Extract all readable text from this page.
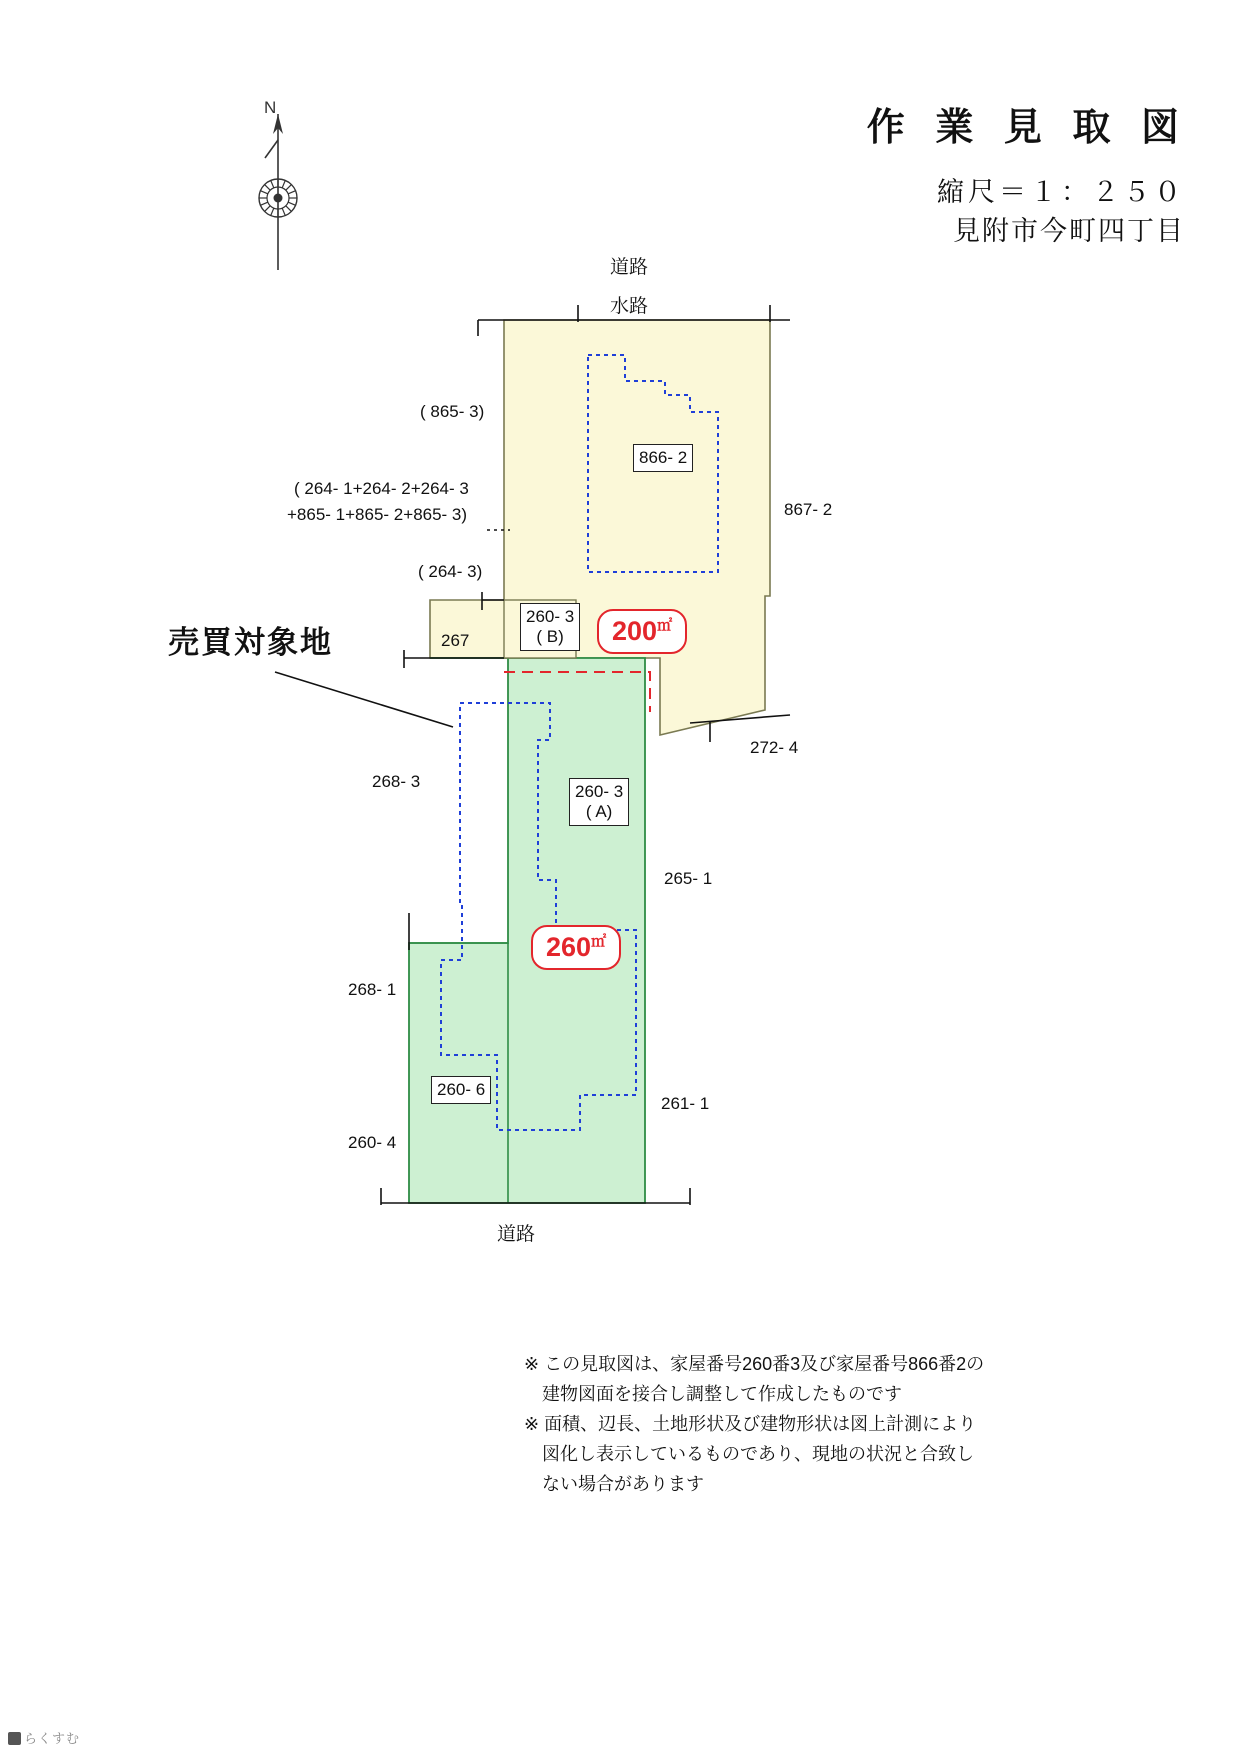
作 業 見 取 図
縮尺＝１：２５０
見附市今町四丁目
N
道路
水路
道路
( 865- 3)
( 264- 1+264- 2+264- 3
+865- 1+865- 2+865- 3)
( 264- 3)
267
867- 2
272- 4
268- 3
265- 1
268- 1
261- 1
260- 4
866- 2
260- 3
( B)
260- 3
( A)
260- 6
200㎡
260㎡
売買対象地
※ この見取図は、家屋番号260番3及び家屋番号866番2の
建物図面を接合し調整して作成したものです
※ 面積、辺長、土地形状及び建物形状は図上計測により
図化し表示しているものであり、現地の状況と合致し
ない場合があります
らくすむ
